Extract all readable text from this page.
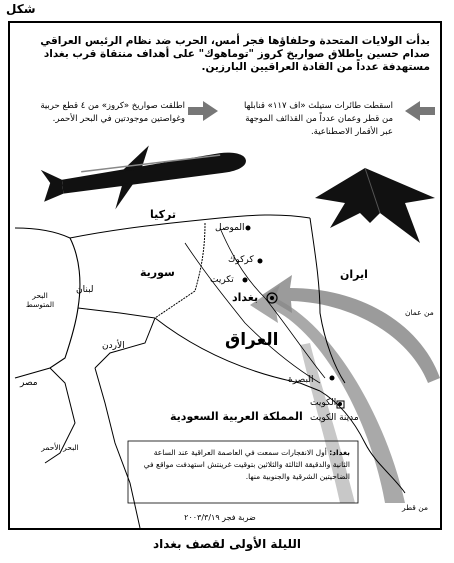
شكل
بدأت الولايات المتحدة وحلفاؤها فجر أمس، الحرب ضد نظام الرئيس العراقي صدام حسين باطلاق صواريخ كروز "توماهوك" على أهداف منتقاة قرب بغداد مستهدفة عدداً من القادة العراقيين البارزين.
اسقطت طائرات ستيلث «اف ١١٧» قنابلها من قطر وعمان عدداً من القذائف الموجهة عبر الأقمار الاصطناعية.
اطلقت صواريخ «كروز» من ٤ قطع حربية وغواصتين موجودتين في البحر الأحمر.
تركيا
سورية
لبنان
البحر المتوسط
الأردن
مصر
البحر الأحمر
العراق
ايران
المملكة العربية السعودية
الكويت
مدينة الكويت
البصرة
الموصل
كركوك
تكريت
بغداد
من عمان
من قطر
بغداد: أول الانفجارات سمعت في العاصمة العراقية عند الساعة الثانية والدقيقة الثالثة والثلاثين بتوقيت غرينتش استهدفت مواقع في الضاحيتين الشرقية والجنوبية منها.
ضربة فجر ٢٠٠٣/٣/١٩
الليلة الأولى لقصف بغداد
